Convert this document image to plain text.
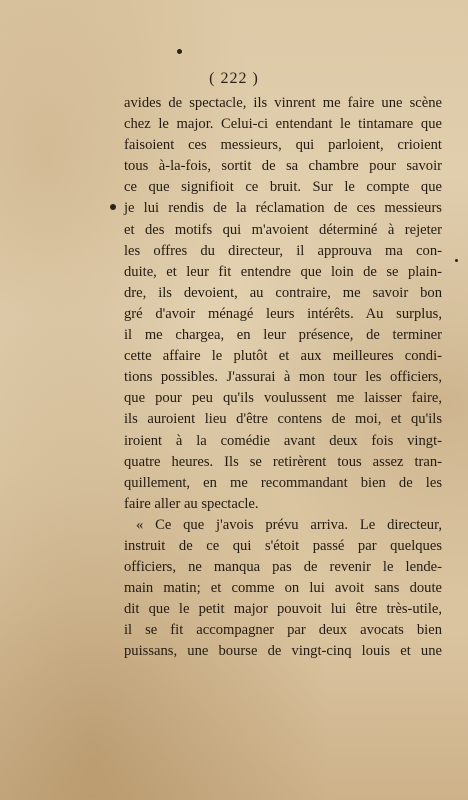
( 222 )
avides de spectacle, ils vinrent me faire une scène
chez le major. Celui-ci entendant le tintamare que
faisoient ces messieurs, qui parloient, crioient
tous à-la-fois, sortit de sa chambre pour savoir
ce que signifioit ce bruit. Sur le compte que
je lui rendis de la réclamation de ces messieurs
et des motifs qui m'avoient déterminé à rejeter
les offres du directeur, il approuva ma con-
duite, et leur fit entendre que loin de se plain-
dre, ils devoient, au contraire, me savoir bon
gré d'avoir ménagé leurs intérêts. Au surplus,
il me chargea, en leur présence, de terminer
cette affaire le plutôt et aux meilleures condi-
tions possibles. J'assurai à mon tour les officiers,
que pour peu qu'ils voulussent me laisser faire,
ils auroient lieu d'être contens de moi, et qu'ils
iroient à la comédie avant deux fois vingt-
quatre heures. Ils se retirèrent tous assez tran-
quillement, en me recommandant bien de les
faire aller au spectacle.
« Ce que j'avois prévu arriva. Le directeur,
instruit de ce qui s'étoit passé par quelques
officiers, ne manqua pas de revenir le lende-
main matin; et comme on lui avoit sans doute
dit que le petit major pouvoit lui être très-utile,
il se fit accompagner par deux avocats bien
puissans, une bourse de vingt-cinq louis et une
